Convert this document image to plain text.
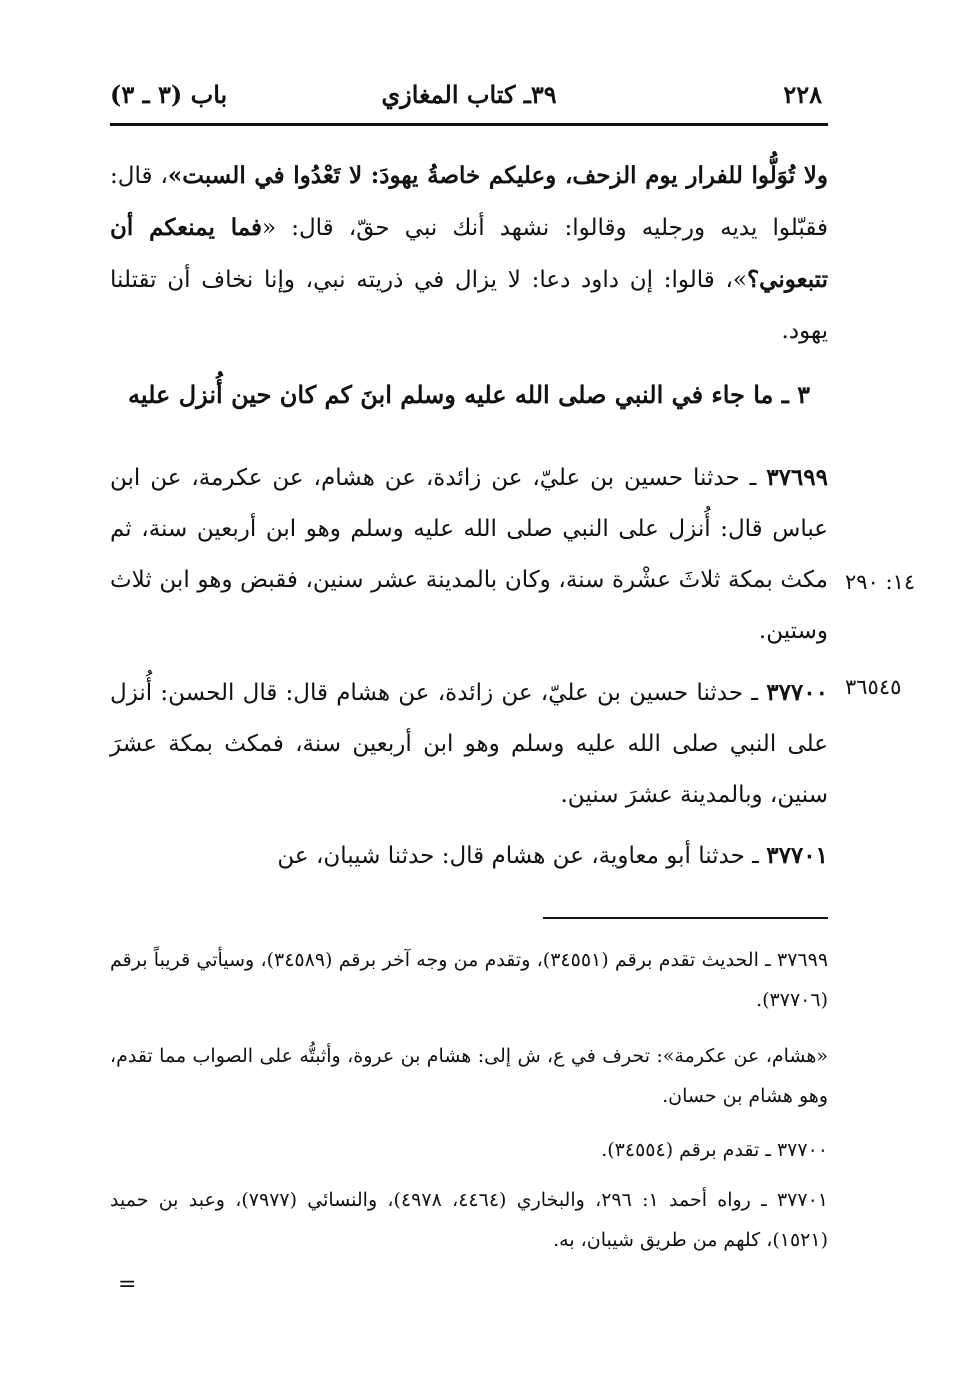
٢٢٨
٣٩ـ كتاب المغازي
باب (٣ ـ ٣)
ولا تُوَلُّوا للفرار يوم الزحف، وعليكم خاصةُ يهودَ: لا تَعْدُوا في السبت»، قال: فقبّلوا يديه ورجليه وقالوا: نشهد أنك نبي حقّ، قال: «فما يمنعكم أن تتبعوني؟»، قالوا: إن داود دعا: لا يزال في ذريته نبي، وإنا نخاف أن تقتلنا يهود.
٣ ـ ما جاء في النبي صلى الله عليه وسلم ابنَ كم كان حين أُنزل عليه
٣٧٦٩٩ ـ حدثنا حسين بن عليّ، عن زائدة، عن هشام، عن عكرمة، عن ابن عباس قال: أُنزل على النبي صلى الله عليه وسلم وهو ابن أربعين سنة، ثم مكث بمكة ثلاثَ عشْرة سنة، وكان بالمدينة عشر سنين، فقبض وهو ابن ثلاث وستين.
١٤: ٢٩٠
٣٦٥٤٥
٣٧٧٠٠ ـ حدثنا حسين بن عليّ، عن زائدة، عن هشام قال: قال الحسن: أُنزل على النبي صلى الله عليه وسلم وهو ابن أربعين سنة، فمكث بمكة عشرَ سنين، وبالمدينة عشرَ سنين.
٣٧٧٠١ ـ حدثنا أبو معاوية، عن هشام قال: حدثنا شيبان، عن
٣٧٦٩٩ ـ الحديث تقدم برقم (٣٤٥٥١)، وتقدم من وجه آخر برقم (٣٤٥٨٩)، وسيأتي قريباً برقم (٣٧٧٠٦).
«هشام، عن عكرمة»: تحرف في ع، ش إلى: هشام بن عروة، وأثبتُّه على الصواب مما تقدم، وهو هشام بن حسان.
٣٧٧٠٠ ـ تقدم برقم (٣٤٥٥٤).
٣٧٧٠١ ـ رواه أحمد ١: ٢٩٦، والبخاري (٤٤٦٤، ٤٩٧٨)، والنسائي (٧٩٧٧)، وعبد بن حميد (١٥٢١)، كلهم من طريق شيبان، به.
=
